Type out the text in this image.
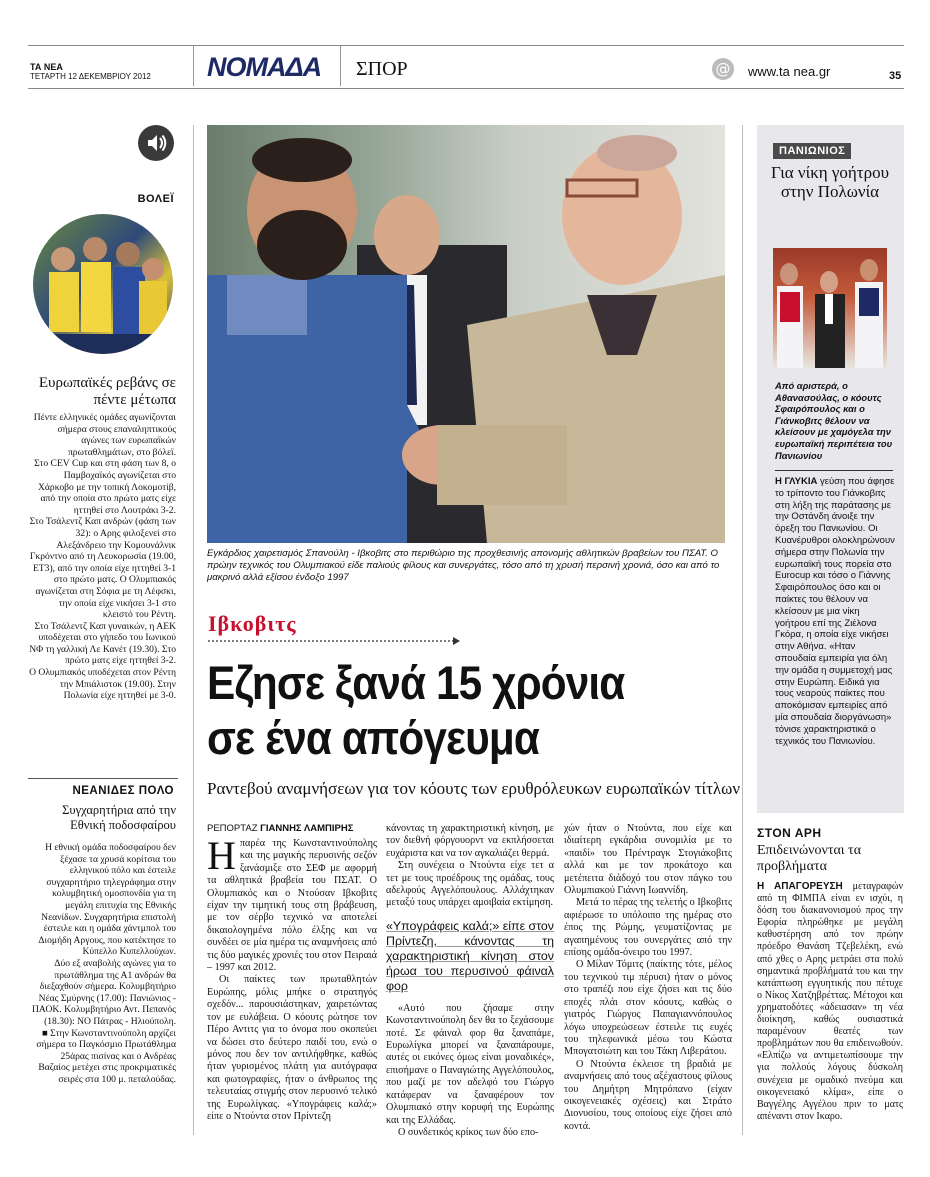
ΤΑ ΝΕΑ
ΤΕΤΑΡΤΗ 12 ΔΕΚΕΜΒΡΙΟΥ 2012 ΝΟΜΑΔΑ ΣΠΟΡ	@ www.ta nea.gr	35
ΒΟΛΕΪ
Ευρωπαϊκές ρεβάνς σε πέντε μέτωπα

Πέντε ελληνικές ομάδες αγωνίζονται σήμερα στους επαναληπτικούς αγώνες των ευρωπαϊκών πρωταθλημάτων, στο βόλεϊ.

Στο CEV Cup και στη φάση των 8, ο Παμβοχαϊκός αγωνίζεται στο Χάρκοβο με την τοπική Λοκομοτίβ, από την οποία στο πρώτο ματς είχε ηττηθεί στο Λουτράκι 3-2.

Στο Τσάλεντζ Καπ ανδρών (φάση των 32): ο Αρης φιλοξενεί στο Αλεξάνδρειο την Κομουνάλνικ Γκρόντνο από τη Λευκορωσία (19.00, ΕΤ3), από την οποία είχε ηττηθεί 3-1 στο πρώτο ματς. Ο Ολυμπιακός αγωνίζεται στη Σόφια με τη Λέφσκι, την οποία είχε νικήσει 3-1 στο κλειστό του Ρέντη.

Στο Τσάλεντζ Καπ γυναικών, η ΑΕΚ υποδέχεται στο γήπεδο του Ιωνικού ΝΦ τη γαλλική Λε Κανέτ (19.30). Στο πρώτο ματς είχε ηττηθεί 3-2.

Ο Ολυμπιακός υποδέχεται στον Ρέντη την Μπιάλιστοκ (19.00). Στην Πολωνία είχε ηττηθεί με 3-0.

ΝΕΑΝΙΔΕΣ ΠΟΛΟ
Συγχαρητήρια από την Εθνική ποδοσφαίρου

Η εθνική ομάδα ποδοσφαίρου δεν ξέχασε τα χρυσά κορίτσια του ελληνικού πόλο και έστειλε συγχαρητήριο τηλεγράφημα στην κολυμβητική ομοσπονδία για τη μεγάλη επιτυχία της Εθνικής Νεανίδων. Συγχαρητήρια επιστολή έστειλε και η ομάδα χάντμπολ του Διομήδη Αργους, που κατέκτησε το Κύπελλο Κυπελλούχων.

Δύο εξ αναβολής αγώνες για το πρωτάθλημα της Α1 ανδρών θα διεξαχθούν σήμερα. Κολυμβητήριο Νέας Σμύρνης (17.00): Πανιώνιος - ΠΑΟΚ. Κολυμβητήριο Αντ. Πεπανός (18.30): ΝΟ Πάτρας - Ηλιούπολη.

■ Στην Κωνσταντινούπολη αρχίζει σήμερα το Παγκόσμιο Πρωτάθλημα 25άρας πισίνας και ο Ανδρέας Βαζαίος μετέχει στις προκριματικές σειρές στα 100 μ. πεταλούδας.

Εγκάρδιος χαιρετισμός Σπανούλη - Ιβκοβιτς στο περιθώριο της προχθεσινής απονομής αθλητικών βραβείων του ΠΣΑΤ. Ο πρώην τεχνικός του Ολυμπιακού είδε παλιούς φίλους και συνεργάτες, τόσο από τη χρυσή περσινή χρονιά, όσο και από το μακρινό αλλά εξίσου ένδοξο 1997
Ιβκοβιτς
Εζησε ξανά 15 χρόνια
σε ένα απόγευμα
Ραντεβού αναμνήσεων για τον κόουτς των ερυθρόλευκων ευρωπαϊκών τίτλων
ΡΕΠΟΡΤΑΖ ΓΙΑΝΝΗΣ ΛΑΜΠΙΡΗΣ

Ηπαρέα της Κωνσταντινούπολης και της μαγικής περυσινής σεζόν ξανάσμιξε στο ΣΕΦ με αφορμή τα αθλητικά βραβεία του ΠΣΑΤ. Ο Ολυμπιακός και ο Ντούσαν Ιβκοβιτς είχαν την τιμητική τους στη βράβευση, με τον σέρβο τεχνικό να αποτελεί δικαιολογημένα πόλο έλξης και να συνδέει σε μία ημέρα τις αναμνήσεις από τις δύο μαγικές χρονιές του στον Πειραιά – 1997 και 2012.

Οι παίκτες των πρωταθλητών Ευρώπης, μόλις μπήκε ο στρατηγός σχεδόν... παρουσιάστηκαν, χαιρετώντας τον με ευλάβεια. Ο κόουτς ρώτησε τον Πέρο Αντιτς για το όνομα που σκοπεύει να δώσει στο δεύτερο παιδί του, ενώ ο μόνος που δεν τον αντιλήφθηκε, καθώς ήταν γυρισμένος πλάτη για αυτόγραφα και φωτογραφίες, ήταν ο άνθρωπος της τελευταίας στιγμής στον περυσινό τελικό της Ευρωλίγκας. «Υπογράφεις καλά;» είπε ο Ντούντα στον Πρίντεζη

κάνοντας τη χαρακτηριστική κίνηση, με τον διεθνή φόργουορντ να εκπλήσσεται ευχάριστα και να τον αγκαλιάζει θερμά.

Στη συνέχεια ο Ντούντα είχε τετ α τετ με τους προέδρους της ομάδας, τους αδελφούς Αγγελόπουλους. Αλλάχτηκαν μεταξύ τους υπάρχει αμοιβαία εκτίμηση.

«Υπογράφεις καλά;» είπε στον Πρίντεζη, κάνοντας τη χαρακτηριστική κίνηση στον ήρωα του περυσινού φάιναλ φορ

«Αυτό που ζήσαμε στην Κωνσταντινούπολη δεν θα το ξεχάσουμε ποτέ. Σε φάιναλ φορ θα ξαναπάμε, Ευρωλίγκα μπορεί να ξαναπάρουμε, αυτές οι εικόνες όμως είναι μοναδικές», επισήμανε ο Παναγιώτης Αγγελόπουλος, που μαζί με τον αδελφό του Γιώργο κατάφεραν να ξαναφέρουν τον Ολυμπιακό στην κορυφή της Ευρώπης και της Ελλάδας.

Ο συνδετικός κρίκος των δύο επο-

χών ήταν ο Ντούντα, που είχε και ιδιαίτερη εγκάρδια συνομιλία με το «παιδί» του Πρέντραγκ Στογιάκοβιτς αλλά και με τον προκάτοχο και μετέπειτα διάδοχό του στον πάγκο του Ολυμπιακού Γιάννη Ιωαννίδη.

Μετά το πέρας της τελετής ο Ιβκοβιτς αφιέρωσε το υπόλοιπο της ημέρας στο έπος της Ρώμης, γευματίζοντας με αγαπημένους του συνεργάτες από την επίσης ομάδα-όνειρο του 1997.

Ο Μίλαν Τόμιτς (παίκτης τότε, μέλος του τεχνικού τιμ πέρυσι) ήταν ο μόνος στο τραπέζι που είχε ζήσει και τις δύο εποχές πλάι στον κόουτς, καθώς ο γιατρός Γιώργος Παπαγιαννόπουλος λόγω υποχρεώσεων έστειλε τις ευχές του τηλεφωνικά μέσω του Κώστα Μπογατσιώτη και του Τάκη Λιβεράτου.

Ο Ντούντα έκλεισε τη βραδιά με αναμνήσεις από τους αξέχαστους φίλους του Δημήτρη Μητρόπανο (είχαν οικογενειακές σχέσεις) και Στράτο Διονυσίου, τους οποίους είχε ζήσει από κοντά.

ΠΑΝΙΩΝΙΟΣ
Για νίκη γοήτρου στην Πολωνία
Από αριστερά, ο Αθανασούλας, ο κόουτς Σφαιρόπουλος και ο Γιάνκοβιτς θέλουν να κλείσουν με χαμόγελα την ευρωπαϊκή περιπέτεια του Πανιωνίου
Η ΓΛΥΚΙΑ γεύση που άφησε το τρίποντο του Γιάνκοβιτς στη λήξη της παράτασης με την Οστάνδη άνοιξε την όρεξη του Πανιωνίου. Οι Κυανέρυθροι ολοκληρώνουν σήμερα στην Πολωνία την ευρωπαϊκή τους πορεία στο Eurocup και τόσο ο Γιάννης Σφαιρόπουλος όσο και οι παίκτες του θέλουν να κλείσουν με μια νίκη γοήτρου επί της Ζιέλονα Γκόρα, η οποία είχε νικήσει στην Αθήνα. «Ηταν σπουδαία εμπειρία για όλη την ομάδα η συμμετοχή μας στην Ευρώπη. Ειδικά για τους νεαρούς παίκτες που αποκόμισαν εμπειρίες από μία σπουδαία διοργάνωση» τόνισε χαρακτηριστικά ο τεχνικός του Πανιωνίου.
ΣΤΟΝ ΑΡΗ
Επιδεινώνονται τα προβλήματα
Η ΑΠΑΓΟΡΕΥΣΗ μεταγραφών από τη ΦΙΜΠΑ είναι εν ισχύι, η δόση του διακανονισμού προς την Εφορία πληρώθηκε με μεγάλη καθυστέρηση από τον πρώην πρόεδρο Θανάση Τζεβελέκη, ενώ από χθες ο Αρης μετράει στα πολύ σημαντικά προβλήματά του και την κατάπτωση εγγυητικής που πέτυχε ο Νίκος Χατζηβρέττας. Μέτοχοι και χρηματοδότες «άδειασαν» τη νέα διοίκηση, καθώς ουσιαστικά παραμένουν θεατές των προβλημάτων που θα επιδεινωθούν. «Ελπίζω να αντιμετωπίσουμε την για πολλούς λόγους δύσκολη συνέχεια με ομαδικό πνεύμα και οικογενειακό κλίμα», είπε ο Βαγγέλης Αγγέλου πριν το ματς απέναντι στον Ικαρο.
